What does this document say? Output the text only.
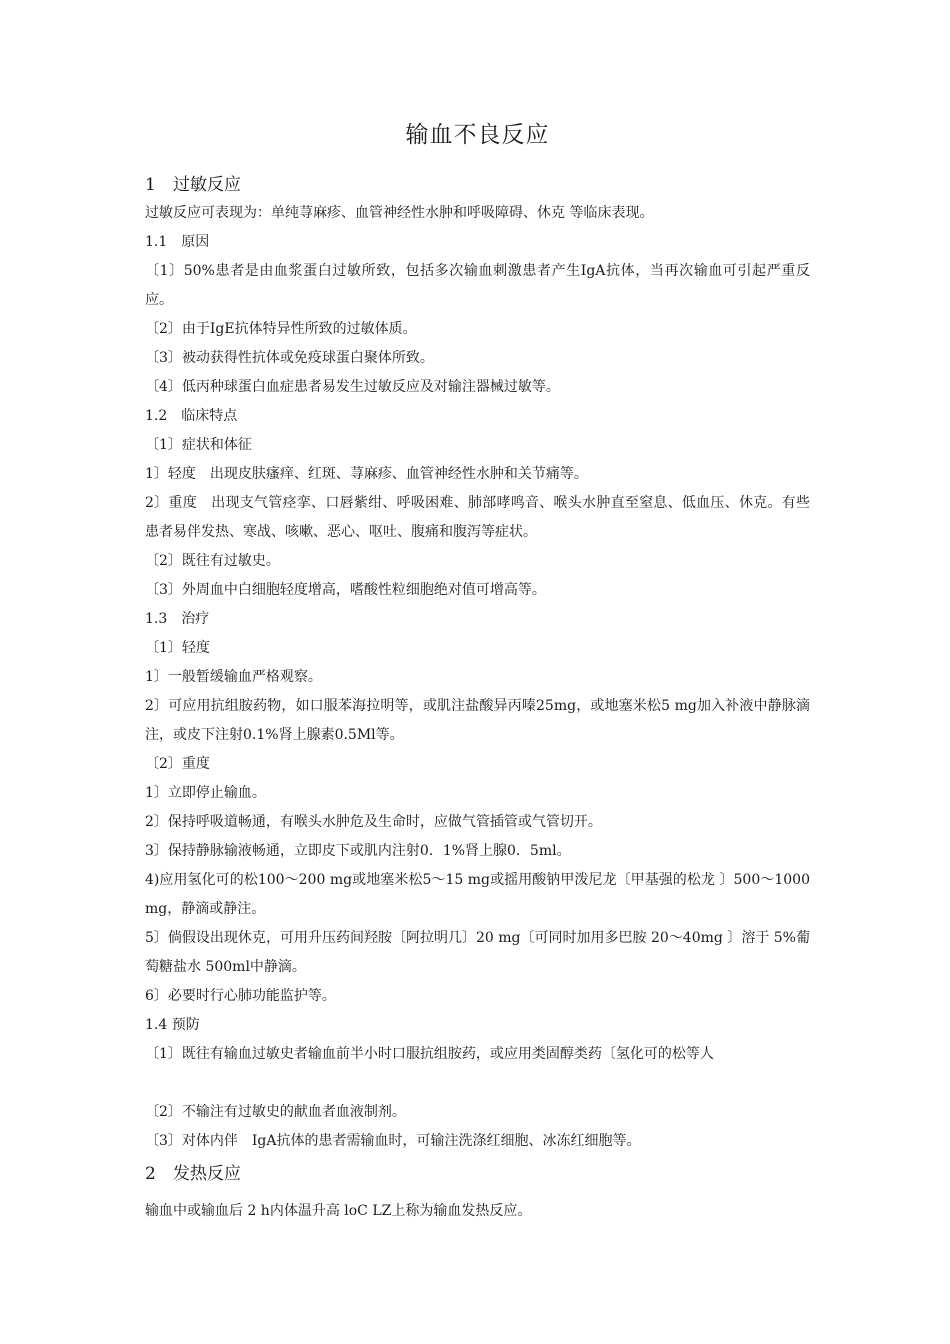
输血不良反应
1 过敏反应
过敏反应可表现为：单纯荨麻疹、血管神经性水肿和呼吸障碍、休克 等临床表现。
1.1　原因
〔1〕50%患者是由血浆蛋白过敏所致，包括多次输血刺激患者产生IgA抗体，当再次输血可引起严重反应。
〔2〕由于IgE抗体特异性所致的过敏体质。
〔3〕被动获得性抗体或免疫球蛋白聚体所致。
〔4〕低丙种球蛋白血症患者易发生过敏反应及对输注器械过敏等。
1.2　临床特点
〔1〕症状和体征
1〕轻度　出现皮肤瘙痒、红斑、荨麻疹、血管神经性水肿和关节痛等。
2〕重度　出现支气管痉挛、口唇紫绀、呼吸困难、肺部哮鸣音、喉头水肿直至窒息、低血压、休克。有些患者易伴发热、寒战、咳嗽、恶心、呕吐、腹痛和腹泻等症状。
〔2〕既往有过敏史。
〔3〕外周血中白细胞轻度增高，嗜酸性粒细胞绝对值可增高等。
1.3　治疗
〔1〕轻度
1〕一般暂缓输血严格观察。
2〕可应用抗组胺药物，如口服苯海拉明等，或肌注盐酸异丙嗪25mg，或地塞米松5 mg加入补液中静脉滴注，或皮下注射0.1%肾上腺素0.5Ml等。
〔2〕重度
1〕立即停止输血。
2〕保持呼吸道畅通，有喉头水肿危及生命时，应做气管插管或气管切开。
3〕保持静脉输液畅通，立即皮下或肌内注射0．1%肾上腺0．5ml。
4)应用氢化可的松100～200 mg或地塞米松5～15 mg或摇用酸钠甲泼尼龙〔甲基强的松龙 〕500～1000　mg，静滴或静注。
5〕倘假设出现休克，可用升压药间羟胺〔阿拉明几〕20 mg〔可同时加用多巴胺 20～40mg 〕溶于 5%葡萄糖盐水 500ml中静滴。
6〕必要时行心肺功能监护等。
1.4 预防
〔1〕既往有输血过敏史者输血前半小时口服抗组胺药，或应用类固醇类药〔氢化可的松等人
〔2〕不输注有过敏史的献血者血液制剂。
〔3〕对体内伴　IgA抗体的患者需输血时，可输注洗涤红细胞、冰冻红细胞等。
2 发热反应
输血中或输血后 2 h内体温升高 loC LZ上称为输血发热反应。
